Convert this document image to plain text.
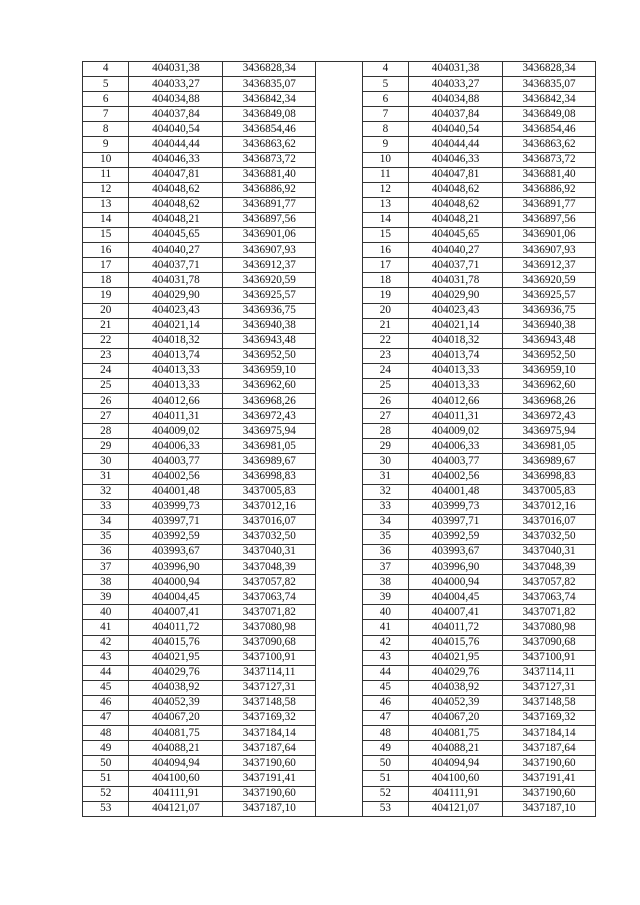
4	404031,38	3436828,34		4	404031,38	3436828,34
5	404033,27	3436835,07		5	404033,27	3436835,07
6	404034,88	3436842,34		6	404034,88	3436842,34
7	404037,84	3436849,08		7	404037,84	3436849,08
8	404040,54	3436854,46		8	404040,54	3436854,46
9	404044,44	3436863,62		9	404044,44	3436863,62
10	404046,33	3436873,72		10	404046,33	3436873,72
11	404047,81	3436881,40		11	404047,81	3436881,40
12	404048,62	3436886,92		12	404048,62	3436886,92
13	404048,62	3436891,77		13	404048,62	3436891,77
14	404048,21	3436897,56		14	404048,21	3436897,56
15	404045,65	3436901,06		15	404045,65	3436901,06
16	404040,27	3436907,93		16	404040,27	3436907,93
17	404037,71	3436912,37		17	404037,71	3436912,37
18	404031,78	3436920,59		18	404031,78	3436920,59
19	404029,90	3436925,57		19	404029,90	3436925,57
20	404023,43	3436936,75		20	404023,43	3436936,75
21	404021,14	3436940,38		21	404021,14	3436940,38
22	404018,32	3436943,48		22	404018,32	3436943,48
23	404013,74	3436952,50		23	404013,74	3436952,50
24	404013,33	3436959,10		24	404013,33	3436959,10
25	404013,33	3436962,60		25	404013,33	3436962,60
26	404012,66	3436968,26		26	404012,66	3436968,26
27	404011,31	3436972,43		27	404011,31	3436972,43
28	404009,02	3436975,94		28	404009,02	3436975,94
29	404006,33	3436981,05		29	404006,33	3436981,05
30	404003,77	3436989,67		30	404003,77	3436989,67
31	404002,56	3436998,83		31	404002,56	3436998,83
32	404001,48	3437005,83		32	404001,48	3437005,83
33	403999,73	3437012,16		33	403999,73	3437012,16
34	403997,71	3437016,07		34	403997,71	3437016,07
35	403992,59	3437032,50		35	403992,59	3437032,50
36	403993,67	3437040,31		36	403993,67	3437040,31
37	403996,90	3437048,39		37	403996,90	3437048,39
38	404000,94	3437057,82		38	404000,94	3437057,82
39	404004,45	3437063,74		39	404004,45	3437063,74
40	404007,41	3437071,82		40	404007,41	3437071,82
41	404011,72	3437080,98		41	404011,72	3437080,98
42	404015,76	3437090,68		42	404015,76	3437090,68
43	404021,95	3437100,91		43	404021,95	3437100,91
44	404029,76	3437114,11		44	404029,76	3437114,11
45	404038,92	3437127,31		45	404038,92	3437127,31
46	404052,39	3437148,58		46	404052,39	3437148,58
47	404067,20	3437169,32		47	404067,20	3437169,32
48	404081,75	3437184,14		48	404081,75	3437184,14
49	404088,21	3437187,64		49	404088,21	3437187,64
50	404094,94	3437190,60		50	404094,94	3437190,60
51	404100,60	3437191,41		51	404100,60	3437191,41
52	404111,91	3437190,60		52	404111,91	3437190,60
53	404121,07	3437187,10		53	404121,07	3437187,10
